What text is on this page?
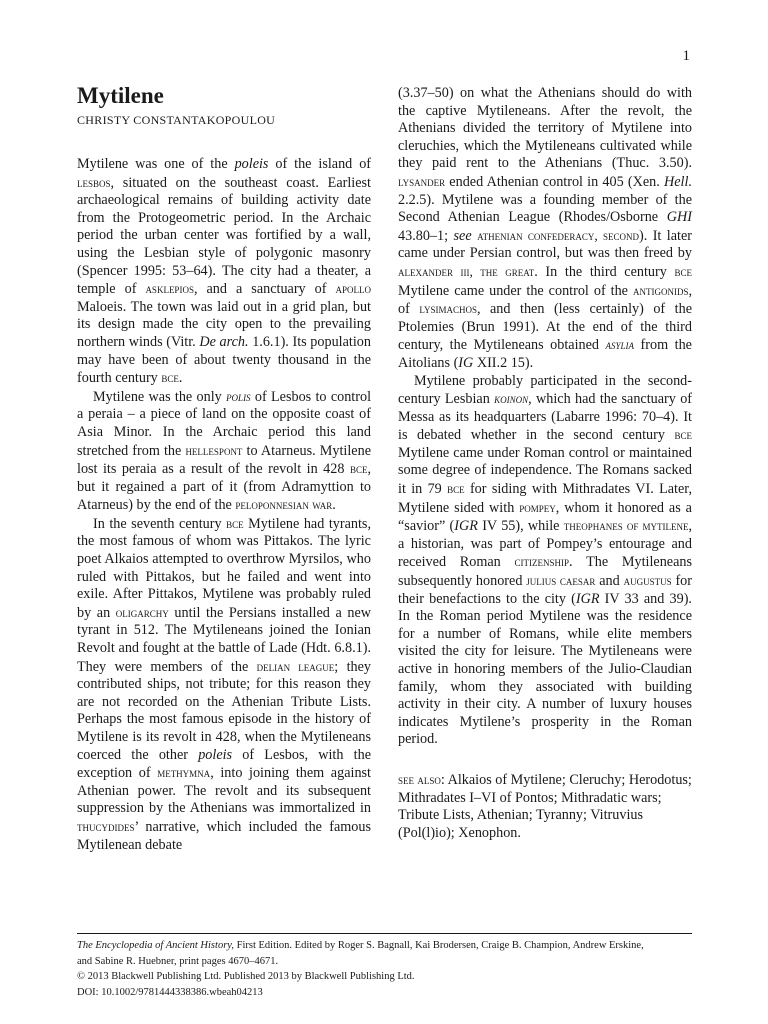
1
Mytilene
CHRISTY CONSTANTAKOPOULOU

Mytilene was one of the poleis of the island of lesbos, situated on the southeast coast. Earliest archaeological remains of building activity date from the Protogeometric period. In the Archaic period the urban center was fortified by a wall, using the Lesbian style of polygonic masonry (Spencer 1995: 53–64). The city had a theater, a temple of asklepios, and a sanctuary of apollo Maloeis. The town was laid out in a grid plan, but its design made the city open to the prevailing northern winds (Vitr. De arch. 1.6.1). Its population may have been of about twenty thousand in the fourth century bce.

Mytilene was the only polis of Lesbos to control a peraia – a piece of land on the opposite coast of Asia Minor. In the Archaic period this land stretched from the hellespont to Atarneus. Mytilene lost its peraia as a result of the revolt in 428 bce, but it regained a part of it (from Adramyttion to Atarneus) by the end of the peloponnesian war.

In the seventh century bce Mytilene had tyrants, the most famous of whom was Pittakos. The lyric poet Alkaios attempted to overthrow Myrsilos, who ruled with Pittakos, but he failed and went into exile. After Pittakos, Mytilene was probably ruled by an oligarchy until the Persians installed a new tyrant in 512. The Mytileneans joined the Ionian Revolt and fought at the battle of Lade (Hdt. 6.8.1). They were members of the delian league; they contributed ships, not tribute; for this reason they are not recorded on the Athenian Tribute Lists. Perhaps the most famous episode in the history of Mytilene is its revolt in 428, when the Mytileneans coerced the other poleis of Lesbos, with the exception of methymna, into joining them against Athenian power. The revolt and its subsequent suppression by the Athenians was immortalized in thucydides’ narrative, which included the famous Mytilenean debate

(3.37–50) on what the Athenians should do with the captive Mytileneans. After the revolt, the Athenians divided the territory of Mytilene into cleruchies, which the Mytileneans cultivated while they paid rent to the Athenians (Thuc. 3.50). lysander ended Athenian control in 405 (Xen. Hell. 2.2.5). Mytilene was a founding member of the Second Athenian League (Rhodes/Osborne GHI 43.80–1; see athenian confederacy, second). It later came under Persian control, but was then freed by alexander iii, the great. In the third century bce Mytilene came under the control of the antigonids, of lysimachos, and then (less certainly) of the Ptolemies (Brun 1991). At the end of the third century, the Mytileneans obtained asylia from the Aitolians (IG XII.2 15).

Mytilene probably participated in the second-century Lesbian koinon, which had the sanctuary of Messa as its headquarters (Labarre 1996: 70–4). It is debated whether in the second century bce Mytilene came under Roman control or maintained some degree of independence. The Romans sacked it in 79 bce for siding with Mithradates VI. Later, Mytilene sided with pompey, whom it honored as a “savior” (IGR IV 55), while theophanes of mytilene, a historian, was part of Pompey’s entourage and received Roman citizenship. The Mytileneans subsequently honored julius caesar and augustus for their benefactions to the city (IGR IV 33 and 39). In the Roman period Mytilene was the residence for a number of Romans, while elite members visited the city for leisure. The Mytileneans were active in honoring members of the Julio-Claudian family, whom they associated with building activity in their city. A number of luxury houses indicates Mytilene’s prosperity in the Roman period.

see also: Alkaios of Mytilene; Cleruchy; Herodotus; Mithradates I–VI of Pontos; Mithradatic wars; Tribute Lists, Athenian; Tyranny; Vitruvius (Pol(l)io); Xenophon.

The Encyclopedia of Ancient History, First Edition. Edited by Roger S. Bagnall, Kai Brodersen, Craige B. Champion, Andrew Erskine,
and Sabine R. Huebner, print pages 4670–4671.
© 2013 Blackwell Publishing Ltd. Published 2013 by Blackwell Publishing Ltd.
DOI: 10.1002/9781444338386.wbeah04213
